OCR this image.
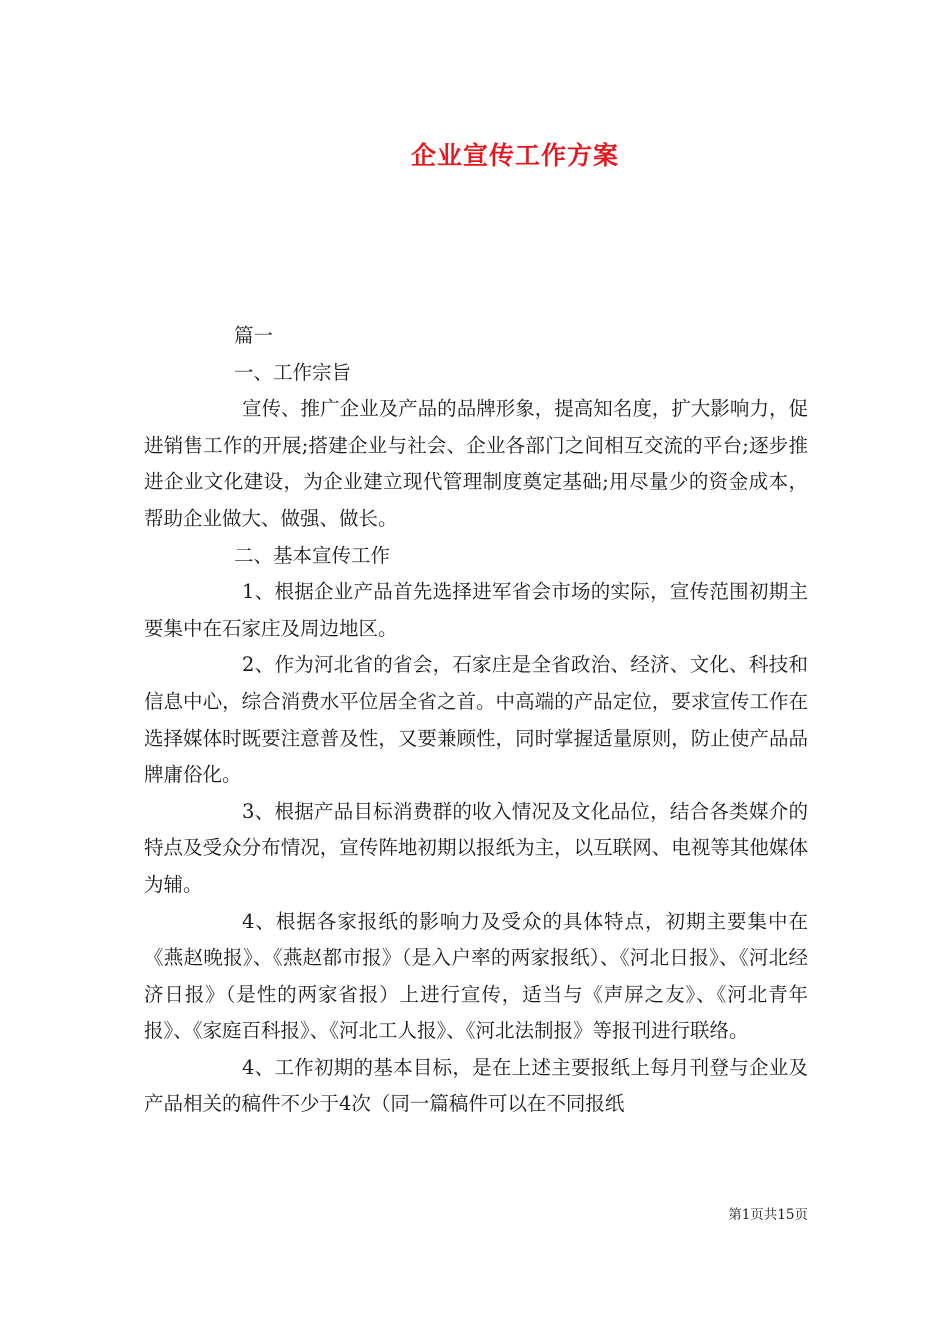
企业宣传工作方案

篇一

一、工作宗旨

宣传、推广企业及产品的品牌形象，提高知名度，扩大影响力，促进销售工作的开展;搭建企业与社会、企业各部门之间相互交流的平台;逐步推进企业文化建设，为企业建立现代管理制度奠定基础;用尽量少的资金成本，帮助企业做大、做强、做长。

二、基本宣传工作

1、根据企业产品首先选择进军省会市场的实际，宣传范围初期主要集中在石家庄及周边地区。

2、作为河北省的省会，石家庄是全省政治、经济、文化、科技和信息中心，综合消费水平位居全省之首。中高端的产品定位，要求宣传工作在选择媒体时既要注意普及性，又要兼顾性，同时掌握适量原则，防止使产品品牌庸俗化。

3、根据产品目标消费群的收入情况及文化品位，结合各类媒介的特点及受众分布情况，宣传阵地初期以报纸为主，以互联网、电视等其他媒体为辅。

4、根据各家报纸的影响力及受众的具体特点，初期主要集中在《燕赵晚报》、《燕赵都市报》（是入户率的两家报纸）、《河北日报》、《河北经济日报》（是性的两家省报）上进行宣传，适当与《声屏之友》、《河北青年报》、《家庭百科报》、《河北工人报》、《河北法制报》等报刊进行联络。

4、工作初期的基本目标，是在上述主要报纸上每月刊登与企业及产品相关的稿件不少于4次（同一篇稿件可以在不同报纸

第1页共15页
